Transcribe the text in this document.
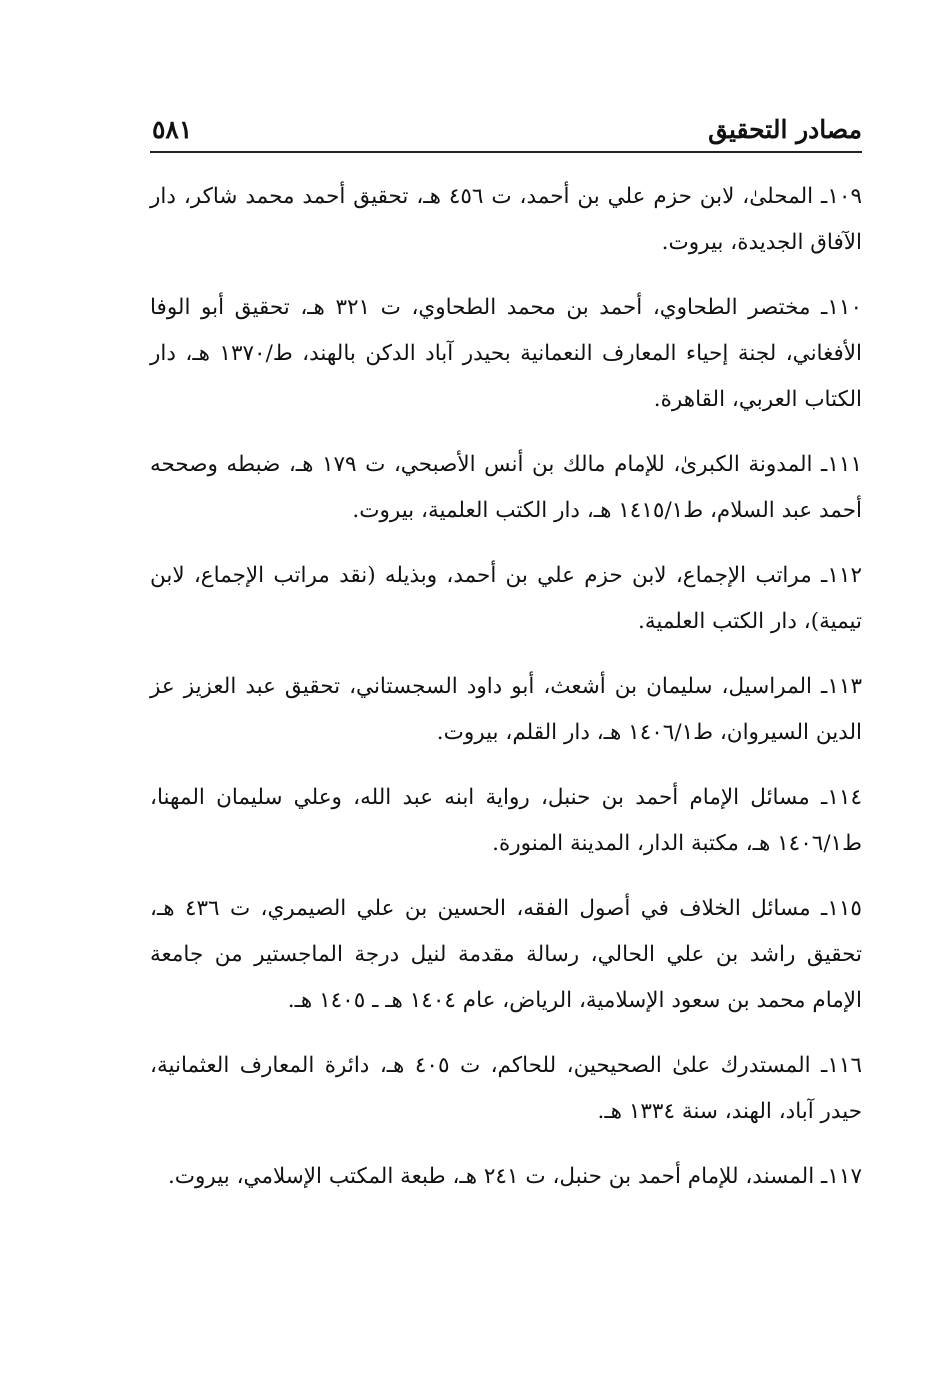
مصادر التحقيق
٥٨١

١٠٩ـ المحلىٰ، لابن حزم علي بن أحمد، ت ٤٥٦ هـ، تحقيق أحمد محمد شاكر، دار الآفاق الجديدة، بيروت.

١١٠ـ مختصر الطحاوي، أحمد بن محمد الطحاوي، ت ٣٢١ هـ، تحقيق أبو الوفا الأفغاني، لجنة إحياء المعارف النعمانية بحيدر آباد الدكن بالهند، ط/١٣٧٠ هـ، دار الكتاب العربي، القاهرة.

١١١ـ المدونة الكبرىٰ، للإمام مالك بن أنس الأصبحي، ت ١٧٩ هـ، ضبطه وصححه أحمد عبد السلام، ط١٤١٥/١ هـ، دار الكتب العلمية، بيروت.

١١٢ـ مراتب الإجماع، لابن حزم علي بن أحمد، وبذيله (نقد مراتب الإجماع، لابن تيمية)، دار الكتب العلمية.

١١٣ـ المراسيل، سليمان بن أشعث، أبو داود السجستاني، تحقيق عبد العزيز عز الدين السيروان، ط١٤٠٦/١ هـ، دار القلم، بيروت.

١١٤ـ مسائل الإمام أحمد بن حنبل، رواية ابنه عبد الله، وعلي سليمان المهنا، ط١٤٠٦/١ هـ، مكتبة الدار، المدينة المنورة.

١١٥ـ مسائل الخلاف في أصول الفقه، الحسين بن علي الصيمري، ت ٤٣٦ هـ، تحقيق راشد بن علي الحالي، رسالة مقدمة لنيل درجة الماجستير من جامعة الإمام محمد بن سعود الإسلامية، الرياض، عام ١٤٠٤ هـ ـ ١٤٠٥ هـ.

١١٦ـ المستدرك علىٰ الصحيحين، للحاكم، ت ٤٠٥ هـ، دائرة المعارف العثمانية، حيدر آباد، الهند، سنة ١٣٣٤ هـ.

١١٧ـ المسند، للإمام أحمد بن حنبل، ت ٢٤١ هـ، طبعة المكتب الإسلامي، بيروت.
